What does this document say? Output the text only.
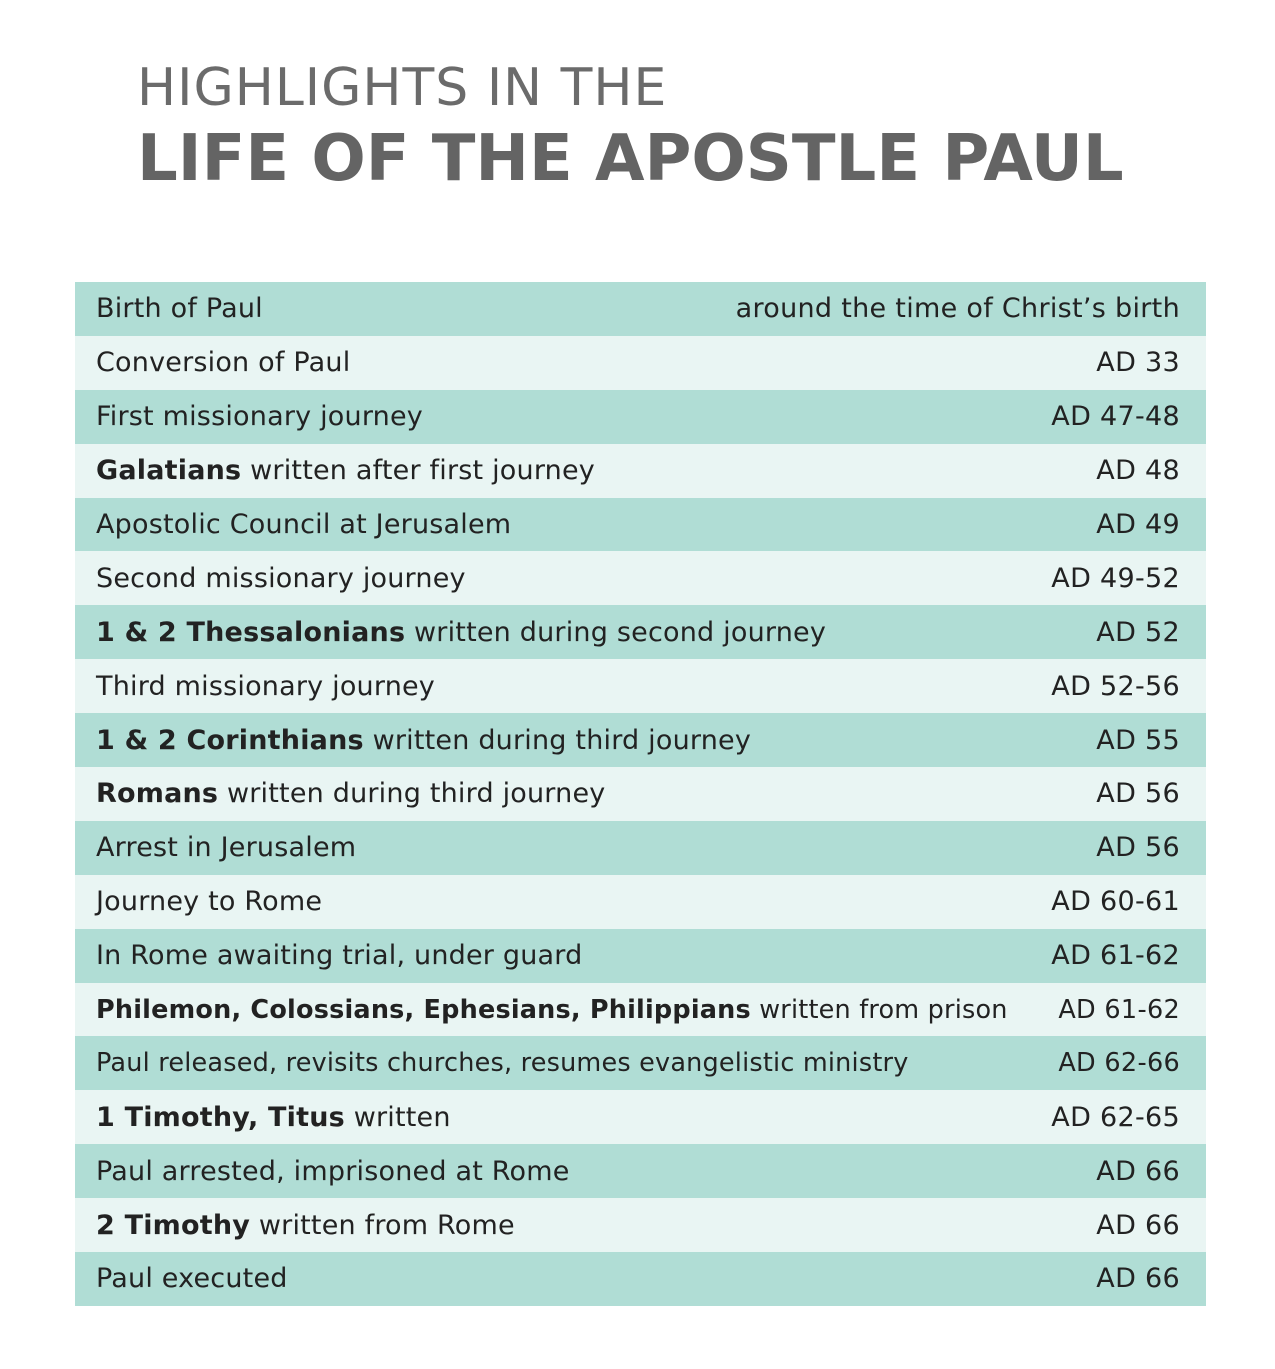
HIGHLIGHTS IN THE
LIFE OF THE APOSTLE PAUL
Birth of Paul	around the time of Christ’s birth
Conversion of Paul	AD 33
First missionary journey	AD 47-48
Galatians written after first journey	AD 48
Apostolic Council at Jerusalem	AD 49
Second missionary journey	AD 49-52
1 & 2 Thessalonians written during second journey	AD 52
Third missionary journey	AD 52-56
1 & 2 Corinthians written during third journey	AD 55
Romans written during third journey	AD 56
Arrest in Jerusalem	AD 56
Journey to Rome	AD 60-61
In Rome awaiting trial, under guard	AD 61-62
Philemon, Colossians, Ephesians, Philippians written from prison AD 61-62
Paul released, revisits churches, resumes evangelistic ministry	AD 62-66
1 Timothy, Titus written	AD 62-65
Paul arrested, imprisoned at Rome	AD 66
2 Timothy written from Rome	AD 66
Paul executed	AD 66
